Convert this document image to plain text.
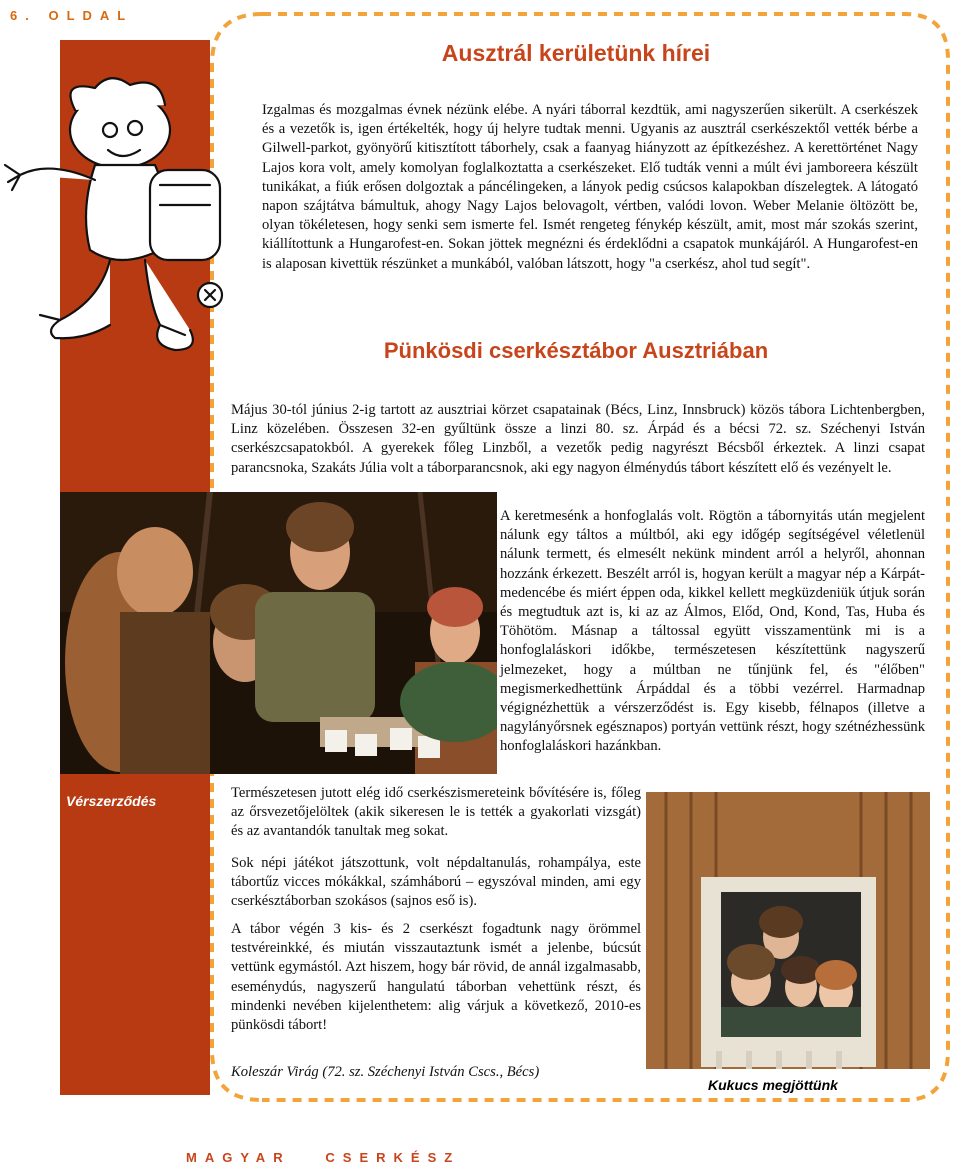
6. OLDAL
Ausztrál kerületünk hírei

Izgalmas és mozgalmas évnek nézünk elébe. A nyári táborral kezdtük, ami nagyszerűen sikerült. A cserkészek és a vezetők is, igen értékelték, hogy új helyre tudtak menni. Ugyanis az ausztrál cserkészektől vették bérbe a Gilwell-parkot, gyönyörű kitisztított táborhely, csak a faanyag hiányzott az építkezéshez. A kerettörténet Nagy Lajos kora volt, amely komolyan foglalkoztatta a cserkészeket. Elő tudták venni a múlt évi jamboreera készült tunikákat, a fiúk erősen dolgoztak a páncélingeken, a lányok pedig csúcsos kalapokban díszelegtek. A látogató napon szájtátva bámultuk, ahogy Nagy Lajos belovagolt, vértben, valódi lovon. Weber Melanie öltözött be, olyan tökéletesen, hogy senki sem ismerte fel. Ismét rengeteg fénykép készült, amit, most már szokás szerint, kiállítottunk a Hungarofest-en. Sokan jöttek megnézni és érdeklődni a csapatok munkájáról. A Hungarofest-en is alaposan kivettük részünket a munkából, valóban látszott, hogy "a cserkész, ahol tud segít".

Pünkösdi cserkésztábor Ausztriában

Május 30-tól június 2-ig tartott az ausztriai körzet csapatainak (Bécs, Linz, Innsbruck) közös tábora Lichtenbergben, Linz közelében. Összesen 32-en gyűltünk össze a linzi 80. sz. Árpád és a bécsi 72. sz. Széchenyi István cserkészcsapatokból. A gyerekek főleg Linzből, a vezetők pedig nagyrészt Bécsből érkeztek. A linzi csapat parancsnoka, Szakáts Júlia volt a táborparancsnok, aki egy nagyon élménydús tábort készített elő és vezényelt le.

Vérszerződés

A keretmesénk a honfoglalás volt. Rögtön a tábornyitás után megjelent nálunk egy táltos a múltból, aki egy időgép segítségével véletlenül nálunk termett, és elmesélt nekünk mindent arról a helyről, ahonnan hozzánk érkezett. Beszélt arról is, hogyan került a magyar nép a Kárpát-medencébe és miért éppen oda, kikkel kellett megküzdeniük útjuk során és megtudtuk azt is, ki az az Álmos, Előd, Ond, Kond, Tas, Huba és Töhötöm. Másnap a táltossal együtt visszamentünk mi is a honfoglaláskori időkbe, természetesen készítettünk nagyszerű jelmezeket, hogy a múltban ne tűnjünk fel, és "élőben" megismerkedhettünk Árpáddal és a többi vezérrel. Harmadnap végignézhettük a vérszerződést is. Egy kisebb, félnapos (illetve a nagylányőrsnek egésznapos) portyán vettünk részt, hogy szétnézhessünk honfoglaláskori hazánkban.

Természetesen jutott elég idő cserkészismereteink bővítésére is, főleg az őrsvezetőjelöltek (akik sikeresen le is tették a gyakorlati vizsgát) és az avantandók tanultak meg sokat.

Sok népi játékot játszottunk, volt népdaltanulás, rohampálya, este tábortűz vicces mókákkal, számháború – egyszóval minden, ami egy cserkésztáborban szokásos (sajnos eső is).

A tábor végén 3 kis- és 2 cserkészt fogadtunk nagy örömmel testvéreinkké, és miután visszautaztunk ismét a jelenbe, búcsút vettünk egymástól. Azt hiszem, hogy bár rövid, de annál izgalmasabb, eseménydús, nagyszerű hangulatú táborban vehettünk részt, és mindenki nevében kijelenthetem: alig várjuk a következő, 2010-es pünkösdi tábort!

Koleszár Virág (72. sz. Széchenyi István Cscs., Bécs)
Kukucs megjöttünk
MAGYAR   CSERKÉSZ
